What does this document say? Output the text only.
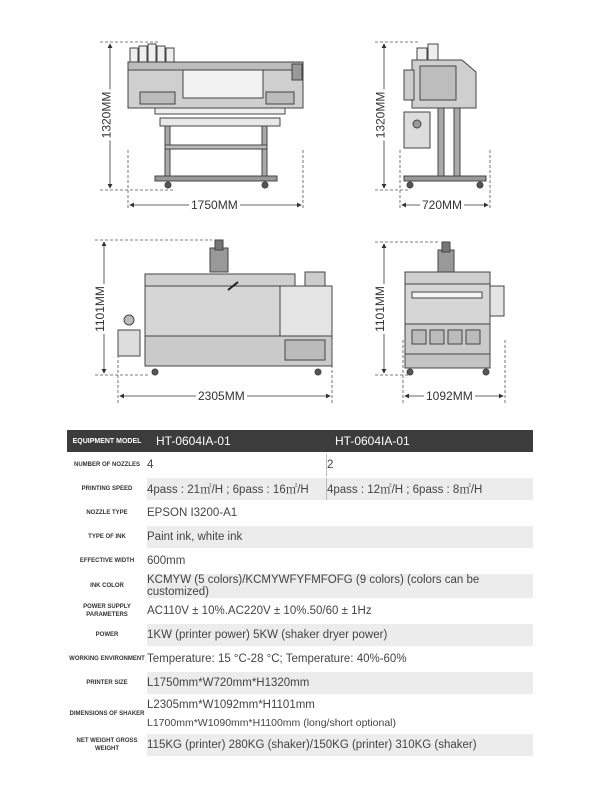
1320MM
1750MM
1320MM
720MM
1101MM
2305MM
1101MM
1092MM
EQUIPMENT MODEL	HT-0604IA-01	HT-0604IA-01
NUMBER OF NOZZLES	4	2
PRINTING SPEED	4pass : 21㎡/H ; 6pass : 16㎡/H	4pass : 12㎡/H ; 6pass : 8㎡/H
NOZZLE TYPE	EPSON I3200-A1	
TYPE OF INK	Paint ink, white ink	
EFFECTIVE WIDTH	600mm	
INK COLOR	KCMYW (5 colors)/KCMYWFYFMFOFG (9 colors) (colors can be customized)	
POWER SUPPLY PARAMETERS	AC110V ± 10%.AC220V ± 10%.50/60 ± 1Hz	
POWER	1KW (printer power) 5KW (shaker dryer power)	
WORKING ENVIRONMENT	Temperature: 15 °C-28 °C; Temperature: 40%-60%	
PRINTER SIZE	L1750mm*W720mm*H1320mm	
DIMENSIONS OF SHAKER	L2305mm*W1092mm*H1101mm
L1700mm*W1090mm*H1100mm (long/short optional)	

NET WEIGHT GROSS WEIGHT	115KG (printer) 280KG (shaker)/150KG (printer) 310KG (shaker)	
